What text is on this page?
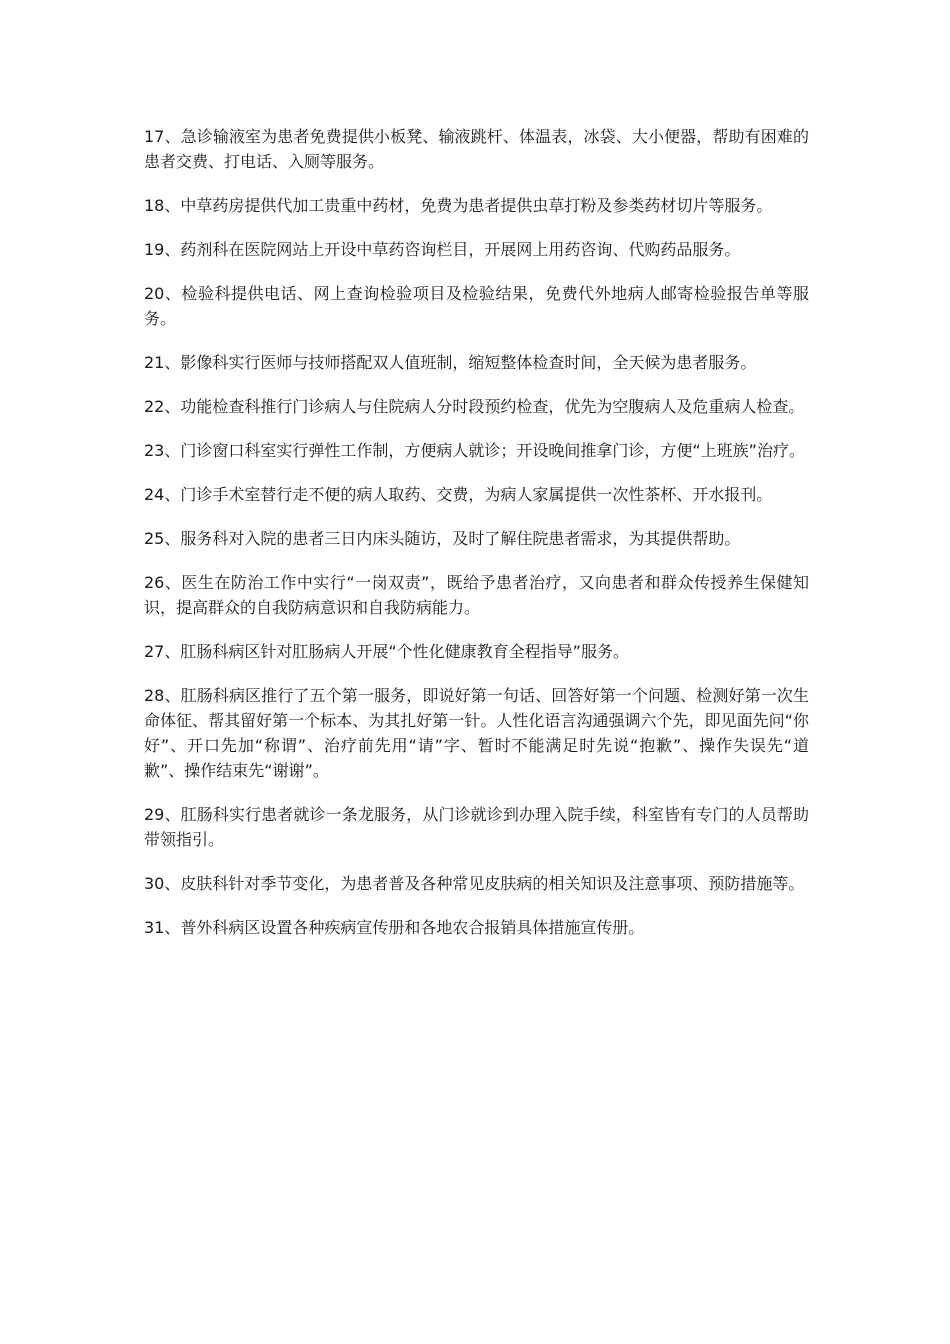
17、急诊输液室为患者免费提供小板凳、输液跳杆、体温表，冰袋、大小便器，帮助有困难的患者交费、打电话、入厕等服务。

18、中草药房提供代加工贵重中药材，免费为患者提供虫草打粉及参类药材切片等服务。

19、药剂科在医院网站上开设中草药咨询栏目，开展网上用药咨询、代购药品服务。

20、检验科提供电话、网上查询检验项目及检验结果，免费代外地病人邮寄检验报告单等服务。

21、影像科实行医师与技师搭配双人值班制，缩短整体检查时间，全天候为患者服务。

22、功能检查科推行门诊病人与住院病人分时段预约检查，优先为空腹病人及危重病人检查。

23、门诊窗口科室实行弹性工作制，方便病人就诊；开设晚间推拿门诊，方便“上班族”治疗。

24、门诊手术室替行走不便的病人取药、交费，为病人家属提供一次性茶杯、开水报刊。

25、服务科对入院的患者三日内床头随访，及时了解住院患者需求，为其提供帮助。

26、医生在防治工作中实行“一岗双责”，既给予患者治疗，又向患者和群众传授养生保健知识，提高群众的自我防病意识和自我防病能力。

27、肛肠科病区针对肛肠病人开展“个性化健康教育全程指导”服务。

28、肛肠科病区推行了五个第一服务，即说好第一句话、回答好第一个问题、检测好第一次生命体征、帮其留好第一个标本、为其扎好第一针。人性化语言沟通强调六个先，即见面先问“你好”、开口先加“称谓”、治疗前先用“请”字、暂时不能满足时先说“抱歉”、操作失误先“道歉”、操作结束先“谢谢”。

29、肛肠科实行患者就诊一条龙服务，从门诊就诊到办理入院手续，科室皆有专门的人员帮助带领指引。

30、皮肤科针对季节变化，为患者普及各种常见皮肤病的相关知识及注意事项、预防措施等。

31、普外科病区设置各种疾病宣传册和各地农合报销具体措施宣传册。
